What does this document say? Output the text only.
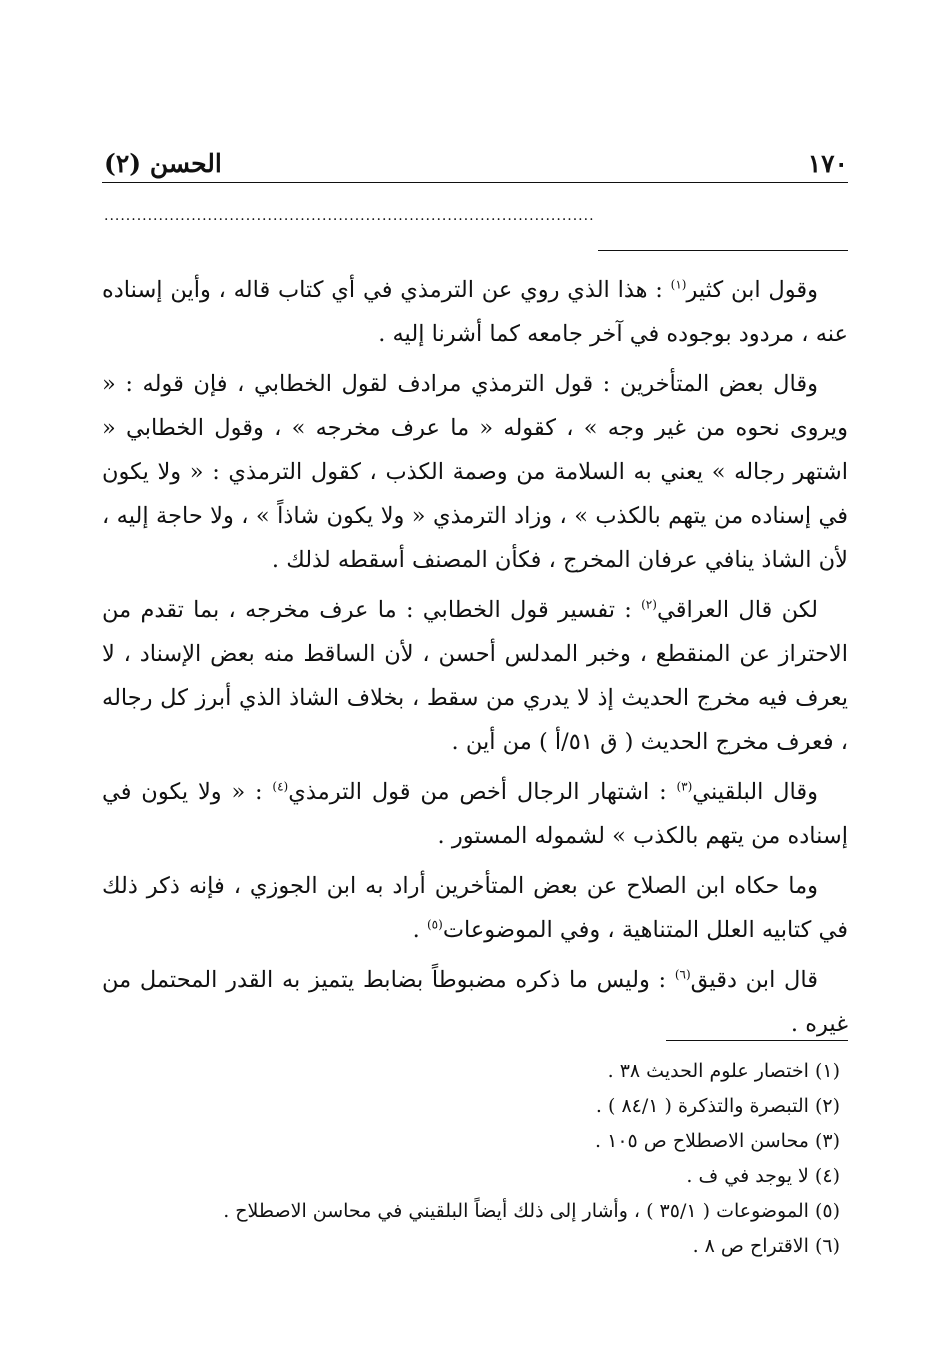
(٢) الحسن	١٧٠
..........................................................................................

وقول ابن كثير$^{(١)}$ : هذا الذي روي عن الترمذي في أي كتاب قاله ، وأين إسناده عنه ، مردود بوجوده في آخر جامعه كما أشرنا إليه .

وقال بعض المتأخرين : قول الترمذي مرادف لقول الخطابي ، فإن قوله : « ويروى نحوه من غير وجه » ، كقوله « ما عرف مخرجه » ، وقول الخطابي « اشتهر رجاله » يعني به السلامة من وصمة الكذب ، كقول الترمذي : « ولا يكون في إسناده من يتهم بالكذب » ، وزاد الترمذي « ولا يكون شاذاً » ، ولا حاجة إليه ، لأن الشاذ ينافي عرفان المخرج ، فكأن المصنف أسقطه لذلك .

لكن قال العراقي$^{(٢)}$ : تفسير قول الخطابي : ما عرف مخرجه ، بما تقدم من الاحتراز عن المنقطع ، وخبر المدلس أحسن ، لأن الساقط منه بعض الإسناد ، لا يعرف فيه مخرج الحديث إذ لا يدري من سقط ، بخلاف الشاذ الذي أبرز كل رجاله ، فعرف مخرج الحديث ( ق ٥١/أ ) من أين .

وقال البلقيني$^{(٣)}$ : اشتهار الرجال أخص من قول الترمذي$^{(٤)}$ : « ولا يكون في إسناده من يتهم بالكذب » لشموله المستور .

وما حكاه ابن الصلاح عن بعض المتأخرين أراد به ابن الجوزي ، فإنه ذكر ذلك في كتابيه العلل المتناهية ، وفي الموضوعات$^{(٥)}$ .

قال ابن دقيق$^{(٦)}$ : وليس ما ذكره مضبوطاً بضابط يتميز به القدر المحتمل من غيره .

(١) اختصار علوم الحديث ٣٨ .
(٢) التبصرة والتذكرة ( ٨٤/١ ) .
(٣) محاسن الاصطلاح ص ١٠٥ .
(٤) لا يوجد في ف .
(٥) الموضوعات ( ٣٥/١ ) ، وأشار إلى ذلك أيضاً البلقيني في محاسن الاصطلاح .
(٦) الاقتراح ص ٨ .
